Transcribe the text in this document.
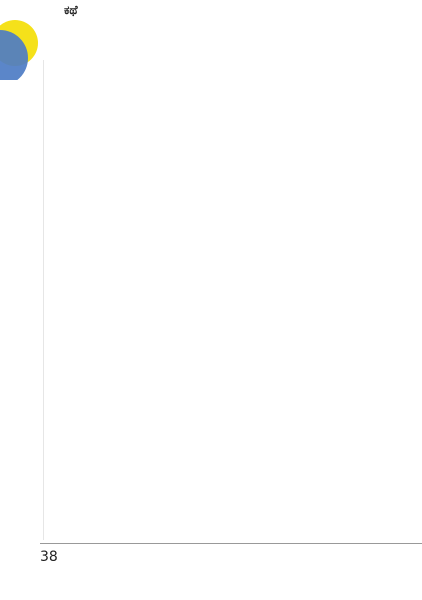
ಕಥೆ
38
